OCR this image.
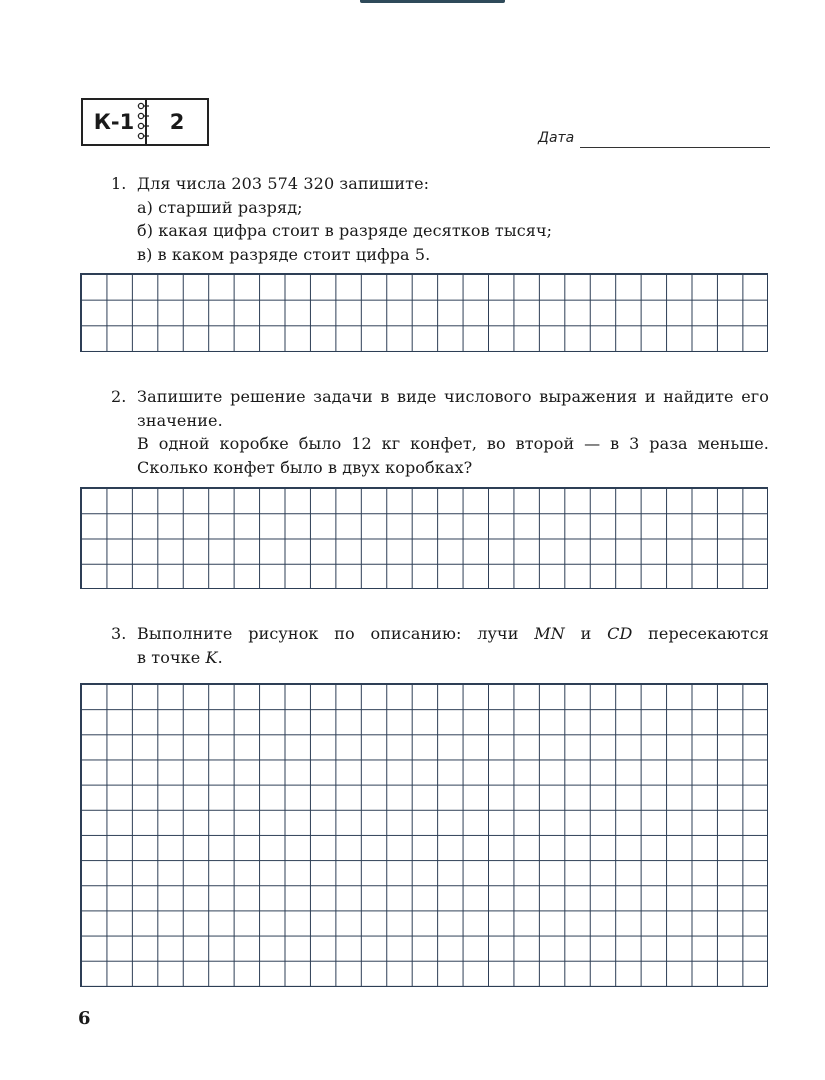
К-1	2
Дата
1. Для числа 203 574 320 запишите:
а) старший разряд;
б) какая цифра стоит в разряде десятков тысяч;
в) в каком разряде стоит цифра 5.
2. Запишите решение задачи в виде числового выражения и найдите его
значение.
В одной коробке было 12 кг конфет, во второй — в 3 раза меньше.
Сколько конфет было в двух коробках?
3. Выполните рисунок по описанию: лучи MN и CD пересекаются
в точке K.
6
